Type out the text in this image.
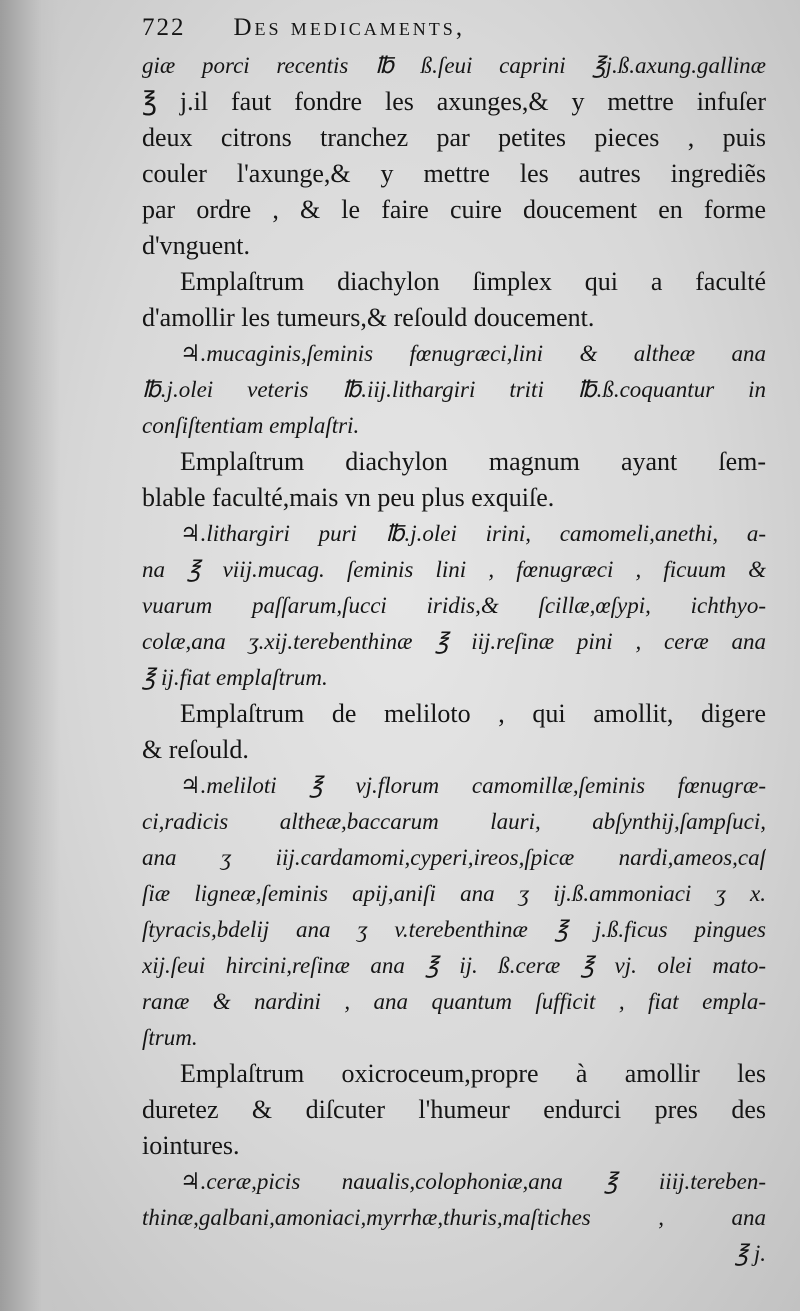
722 Des medicaments,
giæ porci recentis ℔ ß.ſeui caprini ℥j.ß.axung.gallinæ
℥ j.il faut fondre les axunges,& y mettre infuſer
deux citrons tranchez par petites pieces , puis
couler l'axunge,& y mettre les autres ingrediẽs
par ordre , & le faire cuire doucement en forme
d'vnguent.
Emplaſtrum diachylon ſimplex qui a faculté
d'amollir les tumeurs,& reſould doucement.
♃.mucaginis,ſeminis fœnugræci,lini & altheæ ana
℔.j.olei veteris ℔.iij.lithargiri triti ℔.ß.coquantur in
conſiſtentiam emplaſtri.
Emplaſtrum diachylon magnum ayant ſem-
blable faculté,mais vn peu plus exquiſe.
♃.lithargiri puri ℔.j.olei irini, camomeli,anethi, a-
na ℥ viij.mucag. ſeminis lini , fœnugræci , ficuum &
vuarum paſſarum,ſucci iridis,& ſcillæ,œſypi, ichthyo-
colæ,ana ʒ.xij.terebenthinæ ℥ iij.reſinæ pini , ceræ ana
℥ ij.fiat emplaſtrum.
Emplaſtrum de meliloto , qui amollit, digere
& reſould.
♃.meliloti ℥ vj.florum camomillæ,ſeminis fœnugræ-
ci,radicis altheæ,baccarum lauri, abſynthij,ſampſuci,
ana ʒ iij.cardamomi,cyperi,ireos,ſpicæ nardi,ameos,caſ
ſiæ ligneæ,ſeminis apij,aniſi ana ʒ ij.ß.ammoniaci ʒ x.
ſtyracis,bdelij ana ʒ v.terebenthinæ ℥ j.ß.ficus pingues
xij.ſeui hircini,reſinæ ana ℥ ij. ß.ceræ ℥ vj. olei mato-
ranæ & nardini , ana quantum ſufficit , fiat empla-
ſtrum.
Emplaſtrum oxicroceum,propre à amollir les
duretez & diſcuter l'humeur endurci pres des
iointures.
♃.ceræ,picis naualis,colophoniæ,ana ℥ iiij.tereben-
thinæ,galbani,amoniaci,myrrhæ,thuris,maſtiches , ana
℥ j.
